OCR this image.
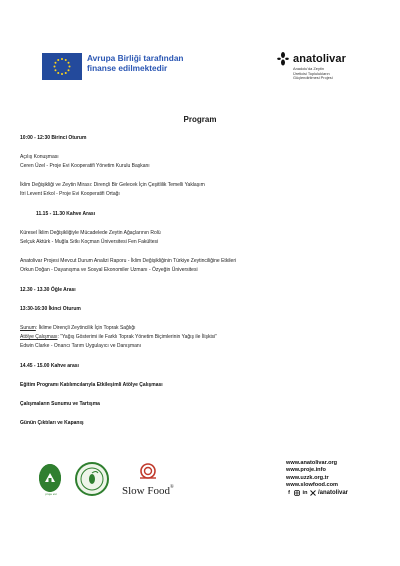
Avrupa Birliği tarafından
finanse edilmektedir
anatolivar
Anadolu'da Zeytin
Üreticisi Toplulukların
Güçlendirilmesi Projesi
Program
10:00 - 12:30 Birinci Oturum
Açılış Konuşması
Ceren Üzel - Proje Evi Kooperatifi Yönetim Kurulu Başkanı
İklim Değişikliği ve Zeytin Mirası: Dirençli Bir Gelecek İçin Çeşitlilik Temelli Yaklaşım
Itri Levent Erkol - Proje Evi Kooperatifi Ortağı
11.15 - 11.30 Kahve Arası
Küresel İklim Değişikliğiyle Mücadelede Zeytin Ağaçlarının Rolü
Selçuk Aktürk - Muğla Sıtkı Koçman Üniversitesi Fen Fakültesi
Anatolivar Projesi Mevcut Durum Analizi Raporu - İklim Değişikliğinin Türkiye Zeytinciliğine Etkileri
Orkun Doğan - Dayanışma ve Sosyal Ekonomiler Uzmanı - Özyeğin Üniversitesi
12.30 - 13.30 Öğle Arası
13:30-16:30 İkinci Oturum
Sunum: İklime Dirençli Zeytincilik İçin Toprak Sağlığı
Atölye Çalışması: “Yağış Gösterimi ile Farklı Toprak Yönetim Biçimlerinin Yağış ile İlişkisi”
Edwin Clarke - Onarıcı Tarım Uygulayıcı ve Danışmanı
14.45 - 15.00 Kahve arası
Eğitim Programı Katılımcılarıyla Etkileşimli Atölye Çalışması
Çalışmaların Sunumu ve Tartışma
Günün Çıktıları ve Kapanış
proje evi	Slow Food®
www.anatolivar.org
www.proje.info
www.uzzk.org.tr
www.slowfood.com
f	in /anatolivar
